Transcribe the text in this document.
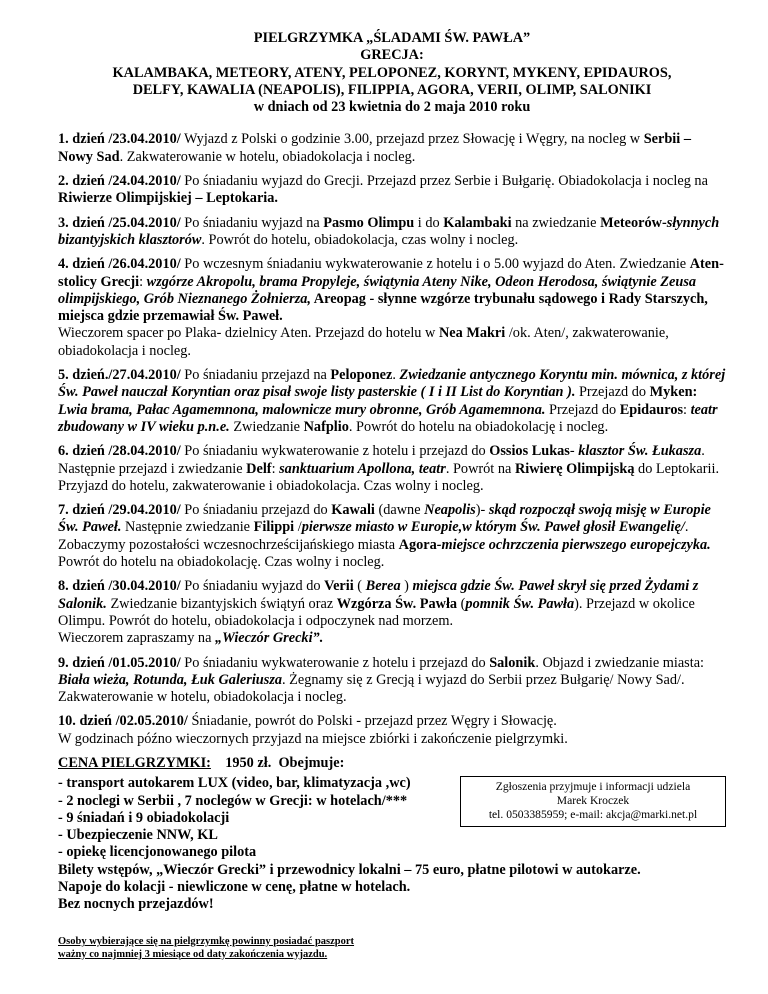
PIELGRZYMKA „ŚLADAMI ŚW. PAWŁA”
GRECJA:
KALAMBAKA, METEORY, ATENY, PELOPONEZ, KORYNT, MYKENY, EPIDAUROS,
DELFY, KAWALIA (NEAPOLIS), FILIPPIA, AGORA, VERII, OLIMP, SALONIKI
w dniach od 23 kwietnia do 2 maja 2010 roku
1. dzień /23.04.2010/ Wyjazd z Polski o godzinie 3.00, przejazd przez Słowację i Węgry, na nocleg w Serbii – Nowy Sad. Zakwaterowanie w hotelu, obiadokolacja i nocleg.
2. dzień /24.04.2010/ Po śniadaniu wyjazd do Grecji. Przejazd przez Serbie i Bułgarię. Obiadokolacja i nocleg na Riwierze Olimpijskiej – Leptokaria.
3. dzień /25.04.2010/ Po śniadaniu wyjazd na Pasmo Olimpu i do Kalambaki na zwiedzanie Meteorów-słynnych bizantyjskich klasztorów. Powrót do hotelu, obiadokolacja, czas wolny i nocleg.
4. dzień /26.04.2010/ Po wczesnym śniadaniu wykwaterowanie z hotelu i o 5.00 wyjazd do Aten. Zwiedzanie Aten-stolicy Grecji: wzgórze Akropolu, brama Propyleje, świątynia Ateny Nike, Odeon Herodosa, świątynie Zeusa olimpijskiego, Grób Nieznanego Żołnierza, Areopag - słynne wzgórze trybunału sądowego i Rady Starszych, miejsca gdzie przemawiał Św. Paweł.
Wieczorem spacer po Plaka- dzielnicy Aten. Przejazd do hotelu w Nea Makri /ok. Aten/, zakwaterowanie, obiadokolacja i nocleg.
5. dzień./27.04.2010/ Po śniadaniu przejazd na Peloponez. Zwiedzanie antycznego Koryntu min. mównica, z której Św. Paweł nauczał Koryntian oraz pisał swoje listy pasterskie ( I i II List do Koryntian ). Przejazd do Myken: Lwia brama, Pałac Agamemnona, malownicze mury obronne, Grób Agamemnona. Przejazd do Epidauros: teatr zbudowany w IV wieku p.n.e. Zwiedzanie Nafplio. Powrót do hotelu na obiadokolację i nocleg.
6. dzień /28.04.2010/ Po śniadaniu wykwaterowanie z hotelu i przejazd do Ossios Lukas- klasztor Św. Łukasza. Następnie przejazd i zwiedzanie Delf: sanktuarium Apollona, teatr. Powrót na Riwierę Olimpijską do Leptokarii. Przyjazd do hotelu, zakwaterowanie i obiadokolacja. Czas wolny i nocleg.
7. dzień /29.04.2010/ Po śniadaniu przejazd do Kawali (dawne Neapolis)- skąd rozpoczął swoją misję w Europie Św. Paweł. Następnie zwiedzanie Filippi /pierwsze miasto w Europie,w którym Św. Paweł głosił Ewangelię/. Zobaczymy pozostałości wczesnochrześcijańskiego miasta Agora-miejsce ochrzczenia pierwszego europejczyka. Powrót do hotelu na obiadokolację. Czas wolny i nocleg.
8. dzień /30.04.2010/ Po śniadaniu wyjazd do Verii ( Berea ) miejsca gdzie Św. Paweł skrył się przed Żydami z Salonik. Zwiedzanie bizantyjskich świątyń oraz Wzgórza Św. Pawła (pomnik Św. Pawła). Przejazd w okolice Olimpu. Powrót do hotelu, obiadokolacja i odpoczynek nad morzem.
Wieczorem zapraszamy na „Wieczór Grecki”.
9. dzień /01.05.2010/ Po śniadaniu wykwaterowanie z hotelu i przejazd do Salonik. Objazd i zwiedzanie miasta: Biała wieża, Rotunda, Łuk Galeriusza. Żegnamy się z Grecją i wyjazd do Serbii przez Bułgarię/ Nowy Sad/. Zakwaterowanie w hotelu, obiadokolacja i nocleg.
10. dzień /02.05.2010/ Śniadanie, powrót do Polski - przejazd przez Węgry i Słowację.
W godzinach późno wieczornych przyjazd na miejsce zbiórki i zakończenie pielgrzymki.
CENA PIELGRZYMKI: 1950 zł. Obejmuje:
Zgłoszenia przyjmuje i informacji udziela
Marek Kroczek
tel. 0503385959; e-mail: akcja@marki.net.pl
- transport autokarem LUX (video, bar, klimatyzacja ,wc)
- 2 noclegi w Serbii , 7 noclegów w Grecji: w hotelach/***
- 9 śniadań i 9 obiadokolacji
- Ubezpieczenie NNW, KL
- opiekę licencjonowanego pilota
Bilety wstępów, „Wieczór Grecki” i przewodnicy lokalni – 75 euro, płatne pilotowi w autokarze.
Napoje do kolacji - niewliczone w cenę, płatne w hotelach.
Bez nocnych przejazdów!
Osoby wybierające się na pielgrzymkę powinny posiadać paszport
ważny co najmniej 3 miesiące od daty zakończenia wyjazdu.
